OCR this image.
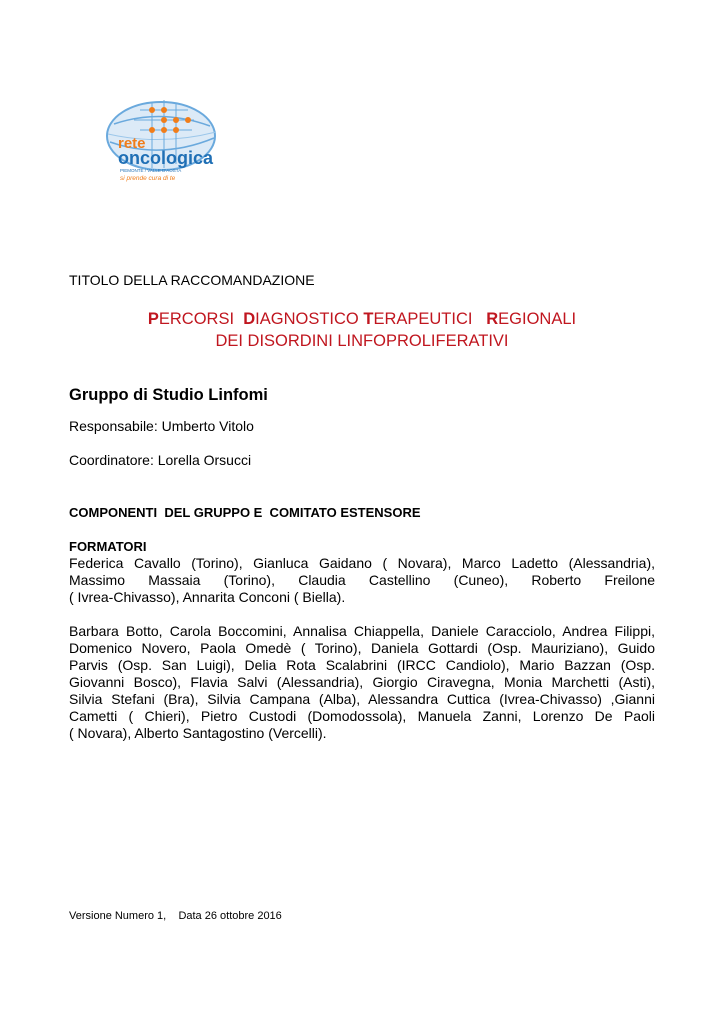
rete
oncologica
PIEMONTE / VALLE D'AOSTA
si prende cura di te
TITOLO DELLA RACCOMANDAZIONE
PERCORSI DIAGNOSTICO TERAPEUTICI REGIONALI
DEI DISORDINI LINFOPROLIFERATIVI
Gruppo di Studio Linfomi
Responsabile: Umberto Vitolo
Coordinatore: Lorella Orsucci
COMPONENTI  DEL GRUPPO E  COMITATO ESTENSORE
FORMATORI
Federica Cavallo (Torino), Gianluca Gaidano ( Novara), Marco Ladetto (Alessandria),
Massimo Massaia (Torino), Claudia Castellino (Cuneo), Roberto Freilone
( Ivrea-Chivasso), Annarita Conconi ( Biella).
Barbara Botto, Carola Boccomini, Annalisa Chiappella, Daniele Caracciolo, Andrea Filippi,
Domenico Novero, Paola Omedè ( Torino), Daniela Gottardi (Osp. Mauriziano), Guido
Parvis (Osp. San Luigi), Delia Rota Scalabrini (IRCC Candiolo), Mario Bazzan (Osp.
Giovanni Bosco), Flavia Salvi (Alessandria), Giorgio Ciravegna, Monia Marchetti (Asti),
Silvia Stefani (Bra), Silvia Campana (Alba), Alessandra Cuttica (Ivrea-Chivasso) ,Gianni
Cametti ( Chieri), Pietro Custodi (Domodossola), Manuela Zanni, Lorenzo De Paoli
( Novara), Alberto Santagostino (Vercelli).
Versione Numero 1,    Data 26 ottobre 2016
